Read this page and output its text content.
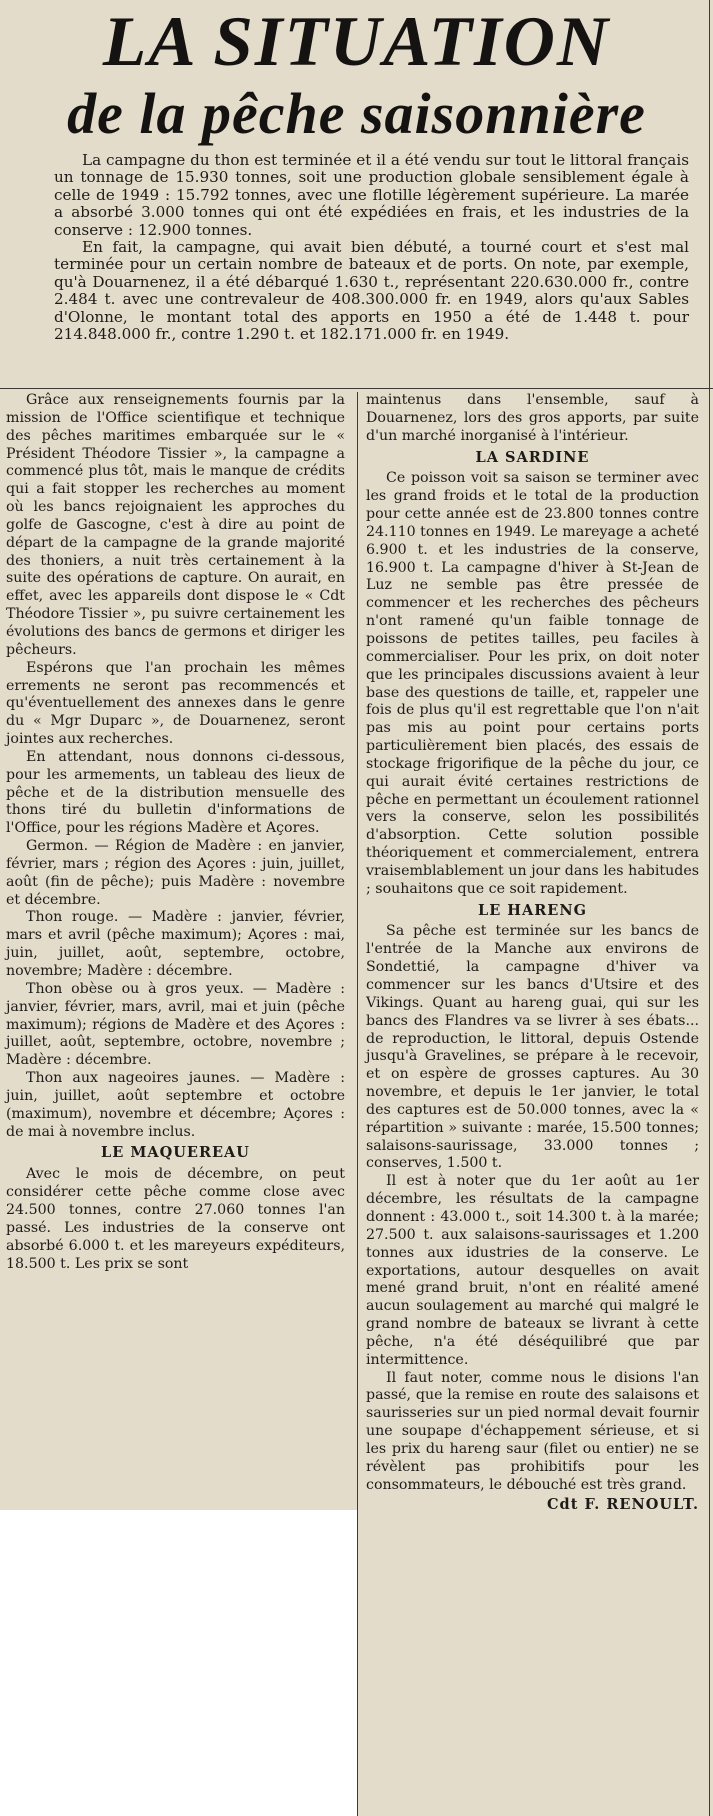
LA SITUATION
de la pêche saisonnière

La campagne du thon est terminée et il a été vendu sur tout le littoral français un tonnage de 15.930 tonnes, soit une production globale sensiblement égale à celle de 1949 : 15.792 tonnes, avec une flotille légèrement supérieure. La marée a absorbé 3.000 tonnes qui ont été expédiées en frais, et les industries de la conserve : 12.900 tonnes.

En fait, la campagne, qui avait bien débuté, a tourné court et s'est mal terminée pour un certain nombre de bateaux et de ports. On note, par exemple, qu'à Douarnenez, il a été débarqué 1.630 t., représentant 220.630.000 fr., contre 2.484 t. avec une contrevaleur de 408.300.000 fr. en 1949, alors qu'aux Sables d'Olonne, le montant total des apports en 1950 a été de 1.448 t. pour 214.848.000 fr., contre 1.290 t. et 182.171.000 fr. en 1949.

Grâce aux renseignements fournis par la mission de l'Office scientifique et technique des pêches maritimes embarquée sur le « Président Théodore Tissier », la campagne a commencé plus tôt, mais le manque de crédits qui a fait stopper les recherches au moment où les bancs rejoignaient les approches du golfe de Gascogne, c'est à dire au point de départ de la campagne de la grande majorité des thoniers, a nuit très certainement à la suite des opérations de capture. On aurait, en effet, avec les appareils dont dispose le « Cdt Théodore Tissier », pu suivre certainement les évolutions des bancs de germons et diriger les pêcheurs.

Espérons que l'an prochain les mêmes errements ne seront pas recommencés et qu'éventuellement des annexes dans le genre du « Mgr Duparc », de Douarnenez, seront jointes aux recherches.

En attendant, nous donnons ci-dessous, pour les armements, un tableau des lieux de pêche et de la distribution mensuelle des thons tiré du bulletin d'informations de l'Office, pour les régions Madère et Açores.

Germon. — Région de Madère : en janvier, février, mars ; région des Açores : juin, juillet, août (fin de pêche); puis Madère : novembre et décembre.

Thon rouge. — Madère : janvier, février, mars et avril (pêche maximum); Açores : mai, juin, juillet, août, septembre, octobre, novembre; Madère : décembre.

Thon obèse ou à gros yeux. — Madère : janvier, février, mars, avril, mai et juin (pêche maximum); régions de Madère et des Açores : juillet, août, septembre, octobre, novembre ; Madère : décembre.

Thon aux nageoires jaunes. — Madère : juin, juillet, août septembre et octobre (maximum), novembre et décembre; Açores : de mai à novembre inclus.

LE MAQUEREAU

Avec le mois de décembre, on peut considérer cette pêche comme close avec 24.500 tonnes, contre 27.060 tonnes l'an passé. Les industries de la conserve ont absorbé 6.000 t. et les mareyeurs expéditeurs, 18.500 t. Les prix se sont

maintenus dans l'ensemble, sauf à Douarnenez, lors des gros apports, par suite d'un marché inorganisé à l'intérieur.

LA SARDINE

Ce poisson voit sa saison se terminer avec les grand froids et le total de la production pour cette année est de 23.800 tonnes contre 24.110 tonnes en 1949. Le mareyage a acheté 6.900 t. et les industries de la conserve, 16.900 t. La campagne d'hiver à St-Jean de Luz ne semble pas être pressée de commencer et les recherches des pêcheurs n'ont ramené qu'un faible tonnage de poissons de petites tailles, peu faciles à commercialiser. Pour les prix, on doit noter que les principales discussions avaient à leur base des questions de taille, et, rappeler une fois de plus qu'il est regrettable que l'on n'ait pas mis au point pour certains ports particulièrement bien placés, des essais de stockage frigorifique de la pêche du jour, ce qui aurait évité certaines restrictions de pêche en permettant un écoulement rationnel vers la conserve, selon les possibilités d'absorption. Cette solution possible théoriquement et commercialement, entrera vraisemblablement un jour dans les habitudes ; souhaitons que ce soit rapidement.

LE HARENG

Sa pêche est terminée sur les bancs de l'entrée de la Manche aux environs de Sondettié, la campagne d'hiver va commencer sur les bancs d'Utsire et des Vikings. Quant au hareng guai, qui sur les bancs des Flandres va se livrer à ses ébats... de reproduction, le littoral, depuis Ostende jusqu'à Gravelines, se prépare à le recevoir, et on espère de grosses captures. Au 30 novembre, et depuis le 1er janvier, le total des captures est de 50.000 tonnes, avec la « répartition » suivante : marée, 15.500 tonnes; salaisons-saurissage, 33.000 tonnes ; conserves, 1.500 t.

Il est à noter que du 1er août au 1er décembre, les résultats de la campagne donnent : 43.000 t., soit 14.300 t. à la marée; 27.500 t. aux salaisons-saurissages et 1.200 tonnes aux idustries de la conserve. Le exportations, autour desquelles on avait mené grand bruit, n'ont en réalité amené aucun soulagement au marché qui malgré le grand nombre de bateaux se livrant à cette pêche, n'a été déséquilibré que par intermittence.

Il faut noter, comme nous le disions l'an passé, que la remise en route des salaisons et saurisseries sur un pied normal devait fournir une soupape d'échappement sérieuse, et si les prix du hareng saur (filet ou entier) ne se révèlent pas prohibitifs pour les consommateurs, le débouché est très grand.

Cdt F. RENOULT.
